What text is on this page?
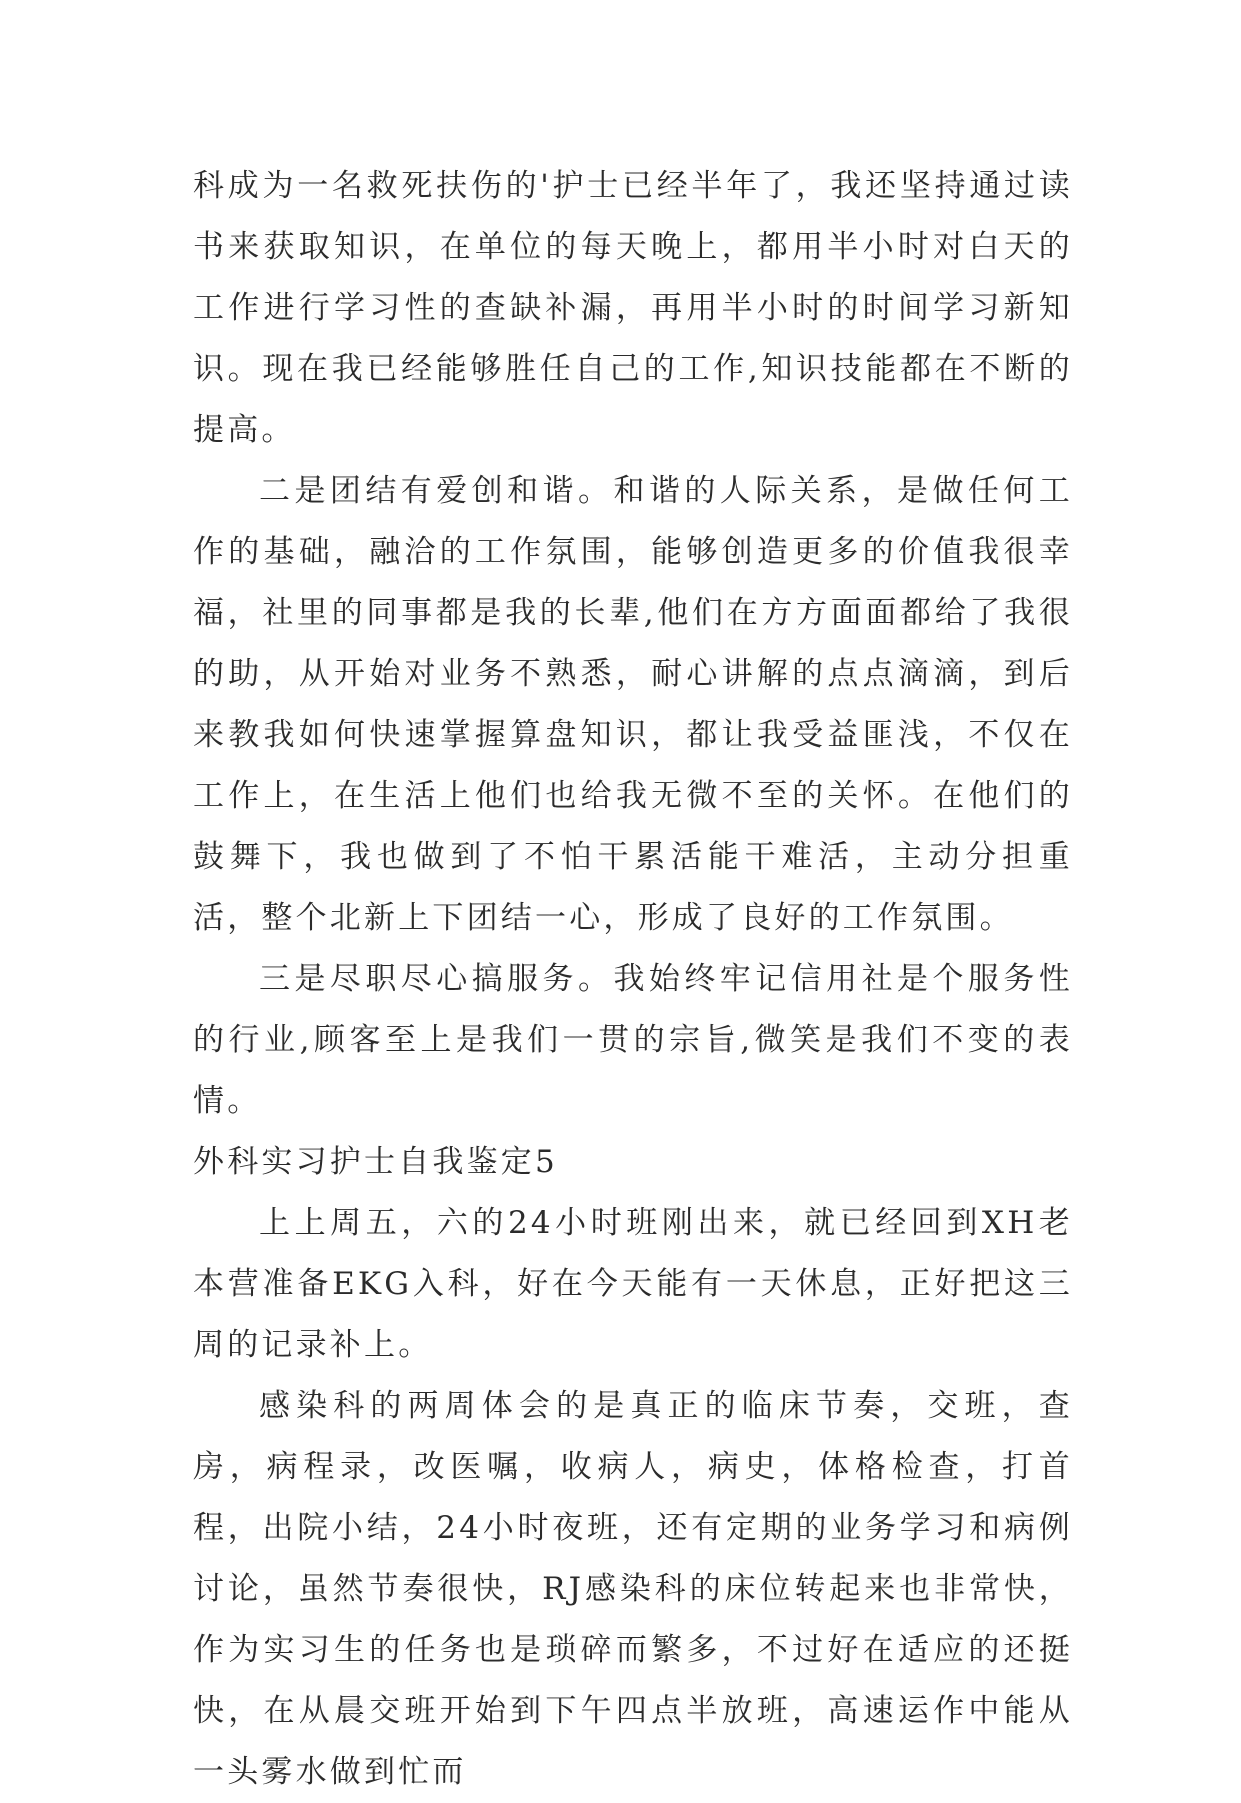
科成为一名救死扶伤的'护士已经半年了，我还坚持通过读书来获取知识，在单位的每天晚上，都用半小时对白天的工作进行学习性的查缺补漏，再用半小时的时间学习新知识。现在我已经能够胜任自己的工作,知识技能都在不断的提高。

二是团结有爱创和谐。和谐的人际关系，是做任何工作的基础，融洽的工作氛围，能够创造更多的价值我很幸福，社里的同事都是我的长辈,他们在方方面面都给了我很的助，从开始对业务不熟悉，耐心讲解的点点滴滴，到后来教我如何快速掌握算盘知识，都让我受益匪浅，不仅在工作上，在生活上他们也给我无微不至的关怀。在他们的鼓舞下，我也做到了不怕干累活能干难活，主动分担重活，整个北新上下团结一心，形成了良好的工作氛围。

三是尽职尽心搞服务。我始终牢记信用社是个服务性的行业,顾客至上是我们一贯的宗旨,微笑是我们不变的表情。

外科实习护士自我鉴定5

上上周五，六的24小时班刚出来，就已经回到XH老本营准备EKG入科，好在今天能有一天休息，正好把这三周的记录补上。

感染科的两周体会的是真正的临床节奏，交班，查房，病程录，改医嘱，收病人，病史，体格检查，打首程，出院小结，24小时夜班，还有定期的业务学习和病例讨论，虽然节奏很快，RJ感染科的床位转起来也非常快，作为实习生的任务也是琐碎而繁多，不过好在适应的还挺快，在从晨交班开始到下午四点半放班，高速运作中能从一头雾水做到忙而
